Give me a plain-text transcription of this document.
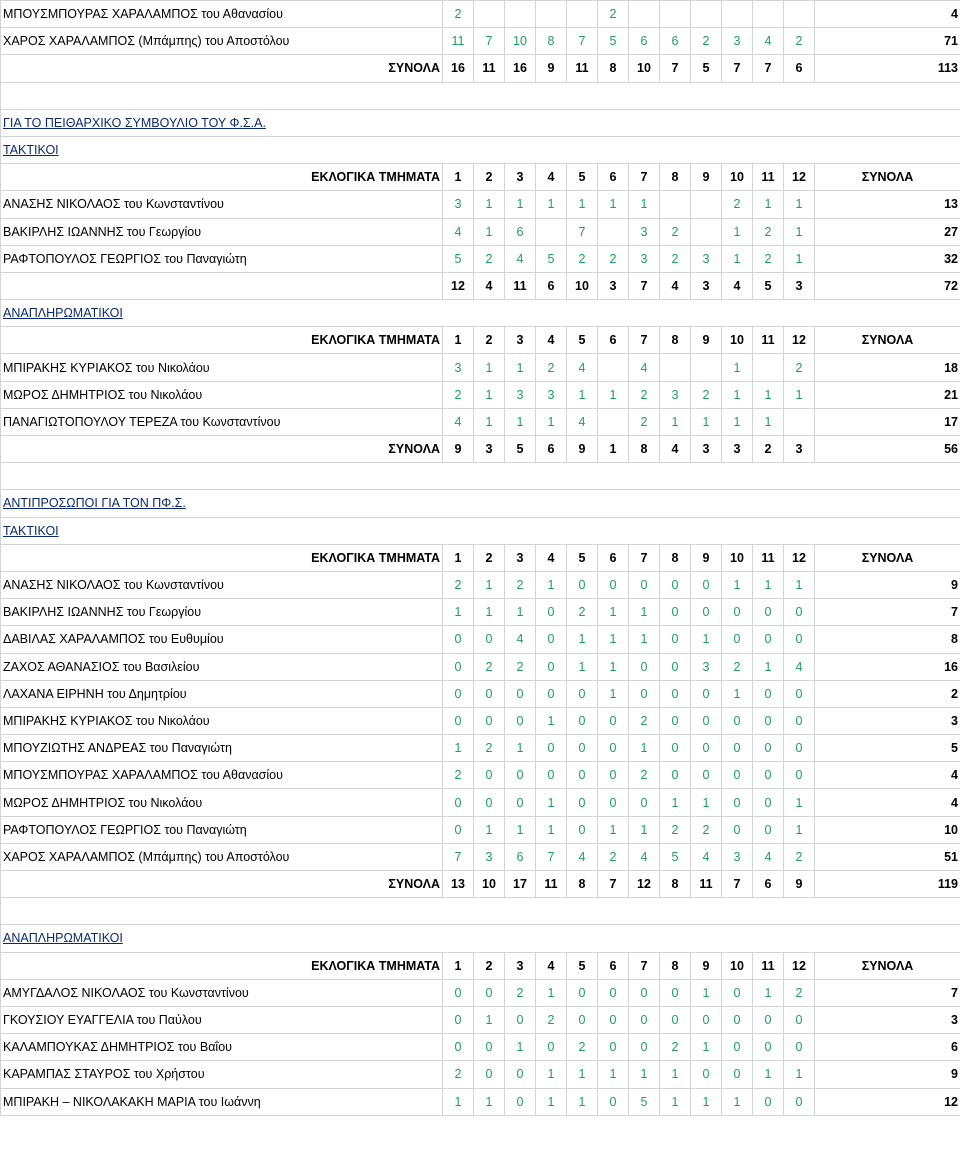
ΜΠΟΥΣΜΠΟΥΡΑΣ ΧΑΡΑΛΑΜΠΟΣ του Αθανασίου	2					2							4
ΧΑΡΟΣ ΧΑΡΑΛΑΜΠΟΣ (Μπάμπης) του Αποστόλου	11	7	10	8	7	5	6	6	2	3	4	2	71
ΣΥΝΟΛΑ	16	11	16	9	11	8	10	7	5	7	7	6	113

ΓΙΑ ΤΟ ΠΕΙΘΑΡΧΙΚΟ ΣΥΜΒΟΥΛΙΟ ΤΟΥ Φ.Σ.Α.													
ΤΑΚΤΙΚΟΙ													
ΕΚΛΟΓΙΚΑ ΤΜΗΜΑΤΑ	1	2	3	4	5	6	7	8	9	10	11	12	ΣΥΝΟΛΑ
ΑΝΑΣΗΣ ΝΙΚΟΛΑΟΣ του Κωνσταντίνου	3	1	1	1	1	1	1			2	1	1	13
ΒΑΚΙΡΛΗΣ ΙΩΑΝΝΗΣ του Γεωργίου	4	1	6		7		3	2		1	2	1	27
ΡΑΦΤΟΠΟΥΛΟΣ ΓΕΩΡΓΙΟΣ του Παναγιώτη	5	2	4	5	2	2	3	2	3	1	2	1	32
	12	4	11	6	10	3	7	4	3	4	5	3	72
ΑΝΑΠΛΗΡΩΜΑΤΙΚΟΙ													
ΕΚΛΟΓΙΚΑ ΤΜΗΜΑΤΑ	1	2	3	4	5	6	7	8	9	10	11	12	ΣΥΝΟΛΑ
ΜΠΙΡΑΚΗΣ ΚΥΡΙΑΚΟΣ του Νικολάου	3	1	1	2	4		4			1		2	18
ΜΩΡΟΣ ΔΗΜΗΤΡΙΟΣ του Νικολάου	2	1	3	3	1	1	2	3	2	1	1	1	21
ΠΑΝΑΓΙΩΤΟΠΟΥΛΟΥ ΤΕΡΕΖΑ του Κωνσταντίνου	4	1	1	1	4		2	1	1	1	1		17
ΣΥΝΟΛΑ	9	3	5	6	9	1	8	4	3	3	2	3	56

ΑΝΤΙΠΡΟΣΩΠΟΙ ΓΙΑ ΤΟΝ ΠΦ.Σ.													
ΤΑΚΤΙΚΟΙ													
ΕΚΛΟΓΙΚΑ ΤΜΗΜΑΤΑ	1	2	3	4	5	6	7	8	9	10	11	12	ΣΥΝΟΛΑ
ΑΝΑΣΗΣ ΝΙΚΟΛΑΟΣ του Κωνσταντίνου	2	1	2	1	0	0	0	0	0	1	1	1	9
ΒΑΚΙΡΛΗΣ ΙΩΑΝΝΗΣ του Γεωργίου	1	1	1	0	2	1	1	0	0	0	0	0	7
ΔΑΒΙΛΑΣ ΧΑΡΑΛΑΜΠΟΣ του Ευθυμίου	0	0	4	0	1	1	1	0	1	0	0	0	8
ΖΑΧΟΣ ΑΘΑΝΑΣΙΟΣ του Βασιλείου	0	2	2	0	1	1	0	0	3	2	1	4	16
ΛΑΧΑΝΑ ΕΙΡΗΝΗ του Δημητρίου	0	0	0	0	0	1	0	0	0	1	0	0	2
ΜΠΙΡΑΚΗΣ ΚΥΡΙΑΚΟΣ του Νικολάου	0	0	0	1	0	0	2	0	0	0	0	0	3
ΜΠΟΥΖΙΩΤΗΣ ΑΝΔΡΕΑΣ του Παναγιώτη	1	2	1	0	0	0	1	0	0	0	0	0	5
ΜΠΟΥΣΜΠΟΥΡΑΣ ΧΑΡΑΛΑΜΠΟΣ του Αθανασίου	2	0	0	0	0	0	2	0	0	0	0	0	4
ΜΩΡΟΣ ΔΗΜΗΤΡΙΟΣ του Νικολάου	0	0	0	1	0	0	0	1	1	0	0	1	4
ΡΑΦΤΟΠΟΥΛΟΣ ΓΕΩΡΓΙΟΣ του Παναγιώτη	0	1	1	1	0	1	1	2	2	0	0	1	10
ΧΑΡΟΣ ΧΑΡΑΛΑΜΠΟΣ (Μπάμπης) του Αποστόλου	7	3	6	7	4	2	4	5	4	3	4	2	51
ΣΥΝΟΛΑ	13	10	17	11	8	7	12	8	11	7	6	9	119

ΑΝΑΠΛΗΡΩΜΑΤΙΚΟΙ													
ΕΚΛΟΓΙΚΑ ΤΜΗΜΑΤΑ	1	2	3	4	5	6	7	8	9	10	11	12	ΣΥΝΟΛΑ
ΑΜΥΓΔΑΛΟΣ ΝΙΚΟΛΑΟΣ του Κωνσταντίνου	0	0	2	1	0	0	0	0	1	0	1	2	7
ΓΚΟΥΣΙΟΥ ΕΥΑΓΓΕΛΙΑ του Παύλου	0	1	0	2	0	0	0	0	0	0	0	0	3
ΚΑΛΑΜΠΟΥΚΑΣ ΔΗΜΗΤΡΙΟΣ του Βαΐου	0	0	1	0	2	0	0	2	1	0	0	0	6
ΚΑΡΑΜΠΑΣ ΣΤΑΥΡΟΣ του Χρήστου	2	0	0	1	1	1	1	1	0	0	1	1	9
ΜΠΙΡΑΚΗ – ΝΙΚΟΛΑΚΑΚΗ ΜΑΡΙΑ του Ιωάννη	1	1	0	1	1	0	5	1	1	1	0	0	12
